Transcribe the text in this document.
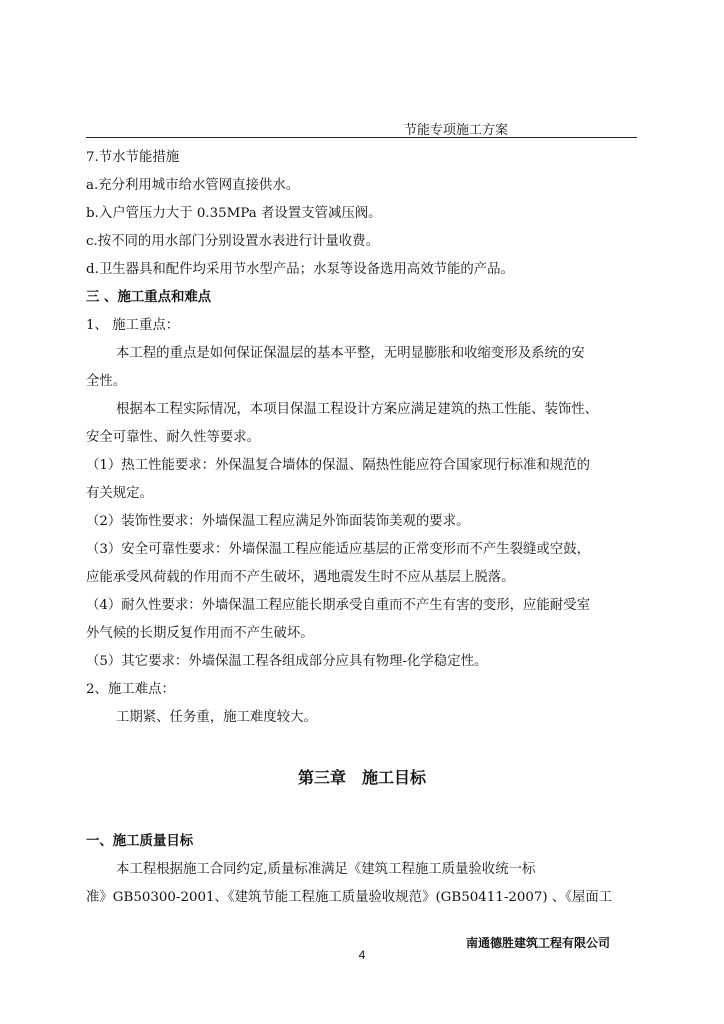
节能专项施工方案
7.节水节能措施
a.充分利用城市给水管网直接供水。
b.入户管压力大于 0.35MPa 者设置支管减压阀。
c.按不同的用水部门分别设置水表进行计量收费。
d.卫生器具和配件均采用节水型产品；水泵等设备选用高效节能的产品。
三 、施工重点和难点
1、 施工重点：
本工程的重点是如何保证保温层的基本平整，无明显膨胀和收缩变形及系统的安
全性。
根据本工程实际情况，本项目保温工程设计方案应满足建筑的热工性能、装饰性、
安全可靠性、耐久性等要求。
（1）热工性能要求：外保温复合墙体的保温、隔热性能应符合国家现行标准和规范的
有关规定。
（2）装饰性要求：外墙保温工程应满足外饰面装饰美观的要求。
（3）安全可靠性要求：外墙保温工程应能适应基层的正常变形而不产生裂缝或空鼓，
应能承受风荷载的作用而不产生破坏，遇地震发生时不应从基层上脱落。
（4）耐久性要求：外墙保温工程应能长期承受自重而不产生有害的变形，应能耐受室
外气候的长期反复作用而不产生破坏。
（5）其它要求：外墙保温工程各组成部分应具有物理-化学稳定性。
2、施工难点：
工期紧、任务重，施工难度较大。
一、施工质量目标
本工程根据施工合同约定,质量标准满足《建筑工程施工质量验收统一标
准》GB50300-2001、《建筑节能工程施工质量验收规范》(GB50411-2007) 、《屋面工
第三章　施工目标
南通德胜建筑工程有限公司
4
